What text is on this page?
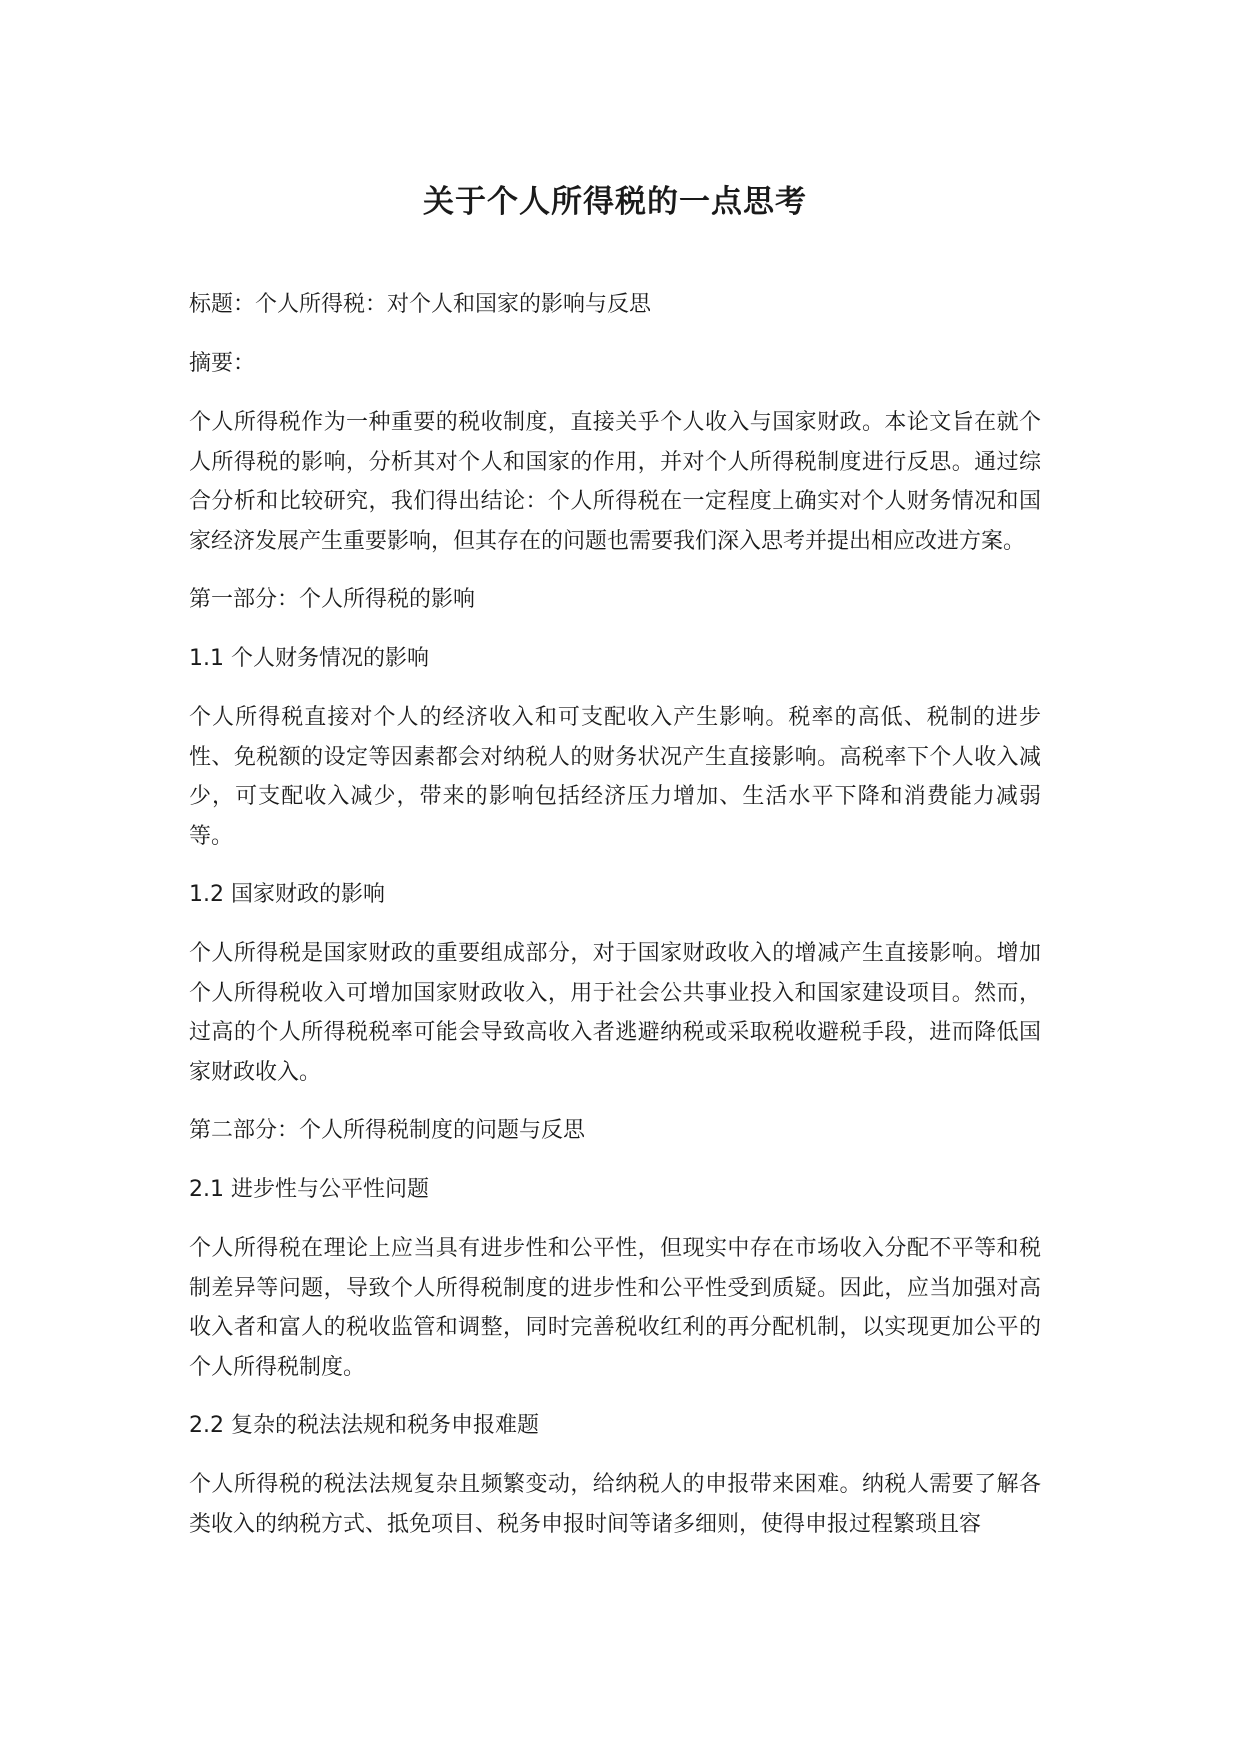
关于个人所得税的一点思考

标题：个人所得税：对个人和国家的影响与反思

摘要：

个人所得税作为一种重要的税收制度，直接关乎个人收入与国家财政。本论文旨在就个人所得税的影响，分析其对个人和国家的作用，并对个人所得税制度进行反思。通过综合分析和比较研究，我们得出结论：个人所得税在一定程度上确实对个人财务情况和国家经济发展产生重要影响，但其存在的问题也需要我们深入思考并提出相应改进方案。

第一部分：个人所得税的影响

1.1 个人财务情况的影响

个人所得税直接对个人的经济收入和可支配收入产生影响。税率的高低、税制的进步性、免税额的设定等因素都会对纳税人的财务状况产生直接影响。高税率下个人收入减少，可支配收入减少，带来的影响包括经济压力增加、生活水平下降和消费能力减弱等。

1.2 国家财政的影响

个人所得税是国家财政的重要组成部分，对于国家财政收入的增减产生直接影响。增加个人所得税收入可增加国家财政收入，用于社会公共事业投入和国家建设项目。然而，过高的个人所得税税率可能会导致高收入者逃避纳税或采取税收避税手段，进而降低国家财政收入。

第二部分：个人所得税制度的问题与反思

2.1 进步性与公平性问题

个人所得税在理论上应当具有进步性和公平性，但现实中存在市场收入分配不平等和税制差异等问题，导致个人所得税制度的进步性和公平性受到质疑。因此，应当加强对高收入者和富人的税收监管和调整，同时完善税收红利的再分配机制，以实现更加公平的个人所得税制度。

2.2 复杂的税法法规和税务申报难题

个人所得税的税法法规复杂且频繁变动，给纳税人的申报带来困难。纳税人需要了解各类收入的纳税方式、抵免项目、税务申报时间等诸多细则，使得申报过程繁琐且容
